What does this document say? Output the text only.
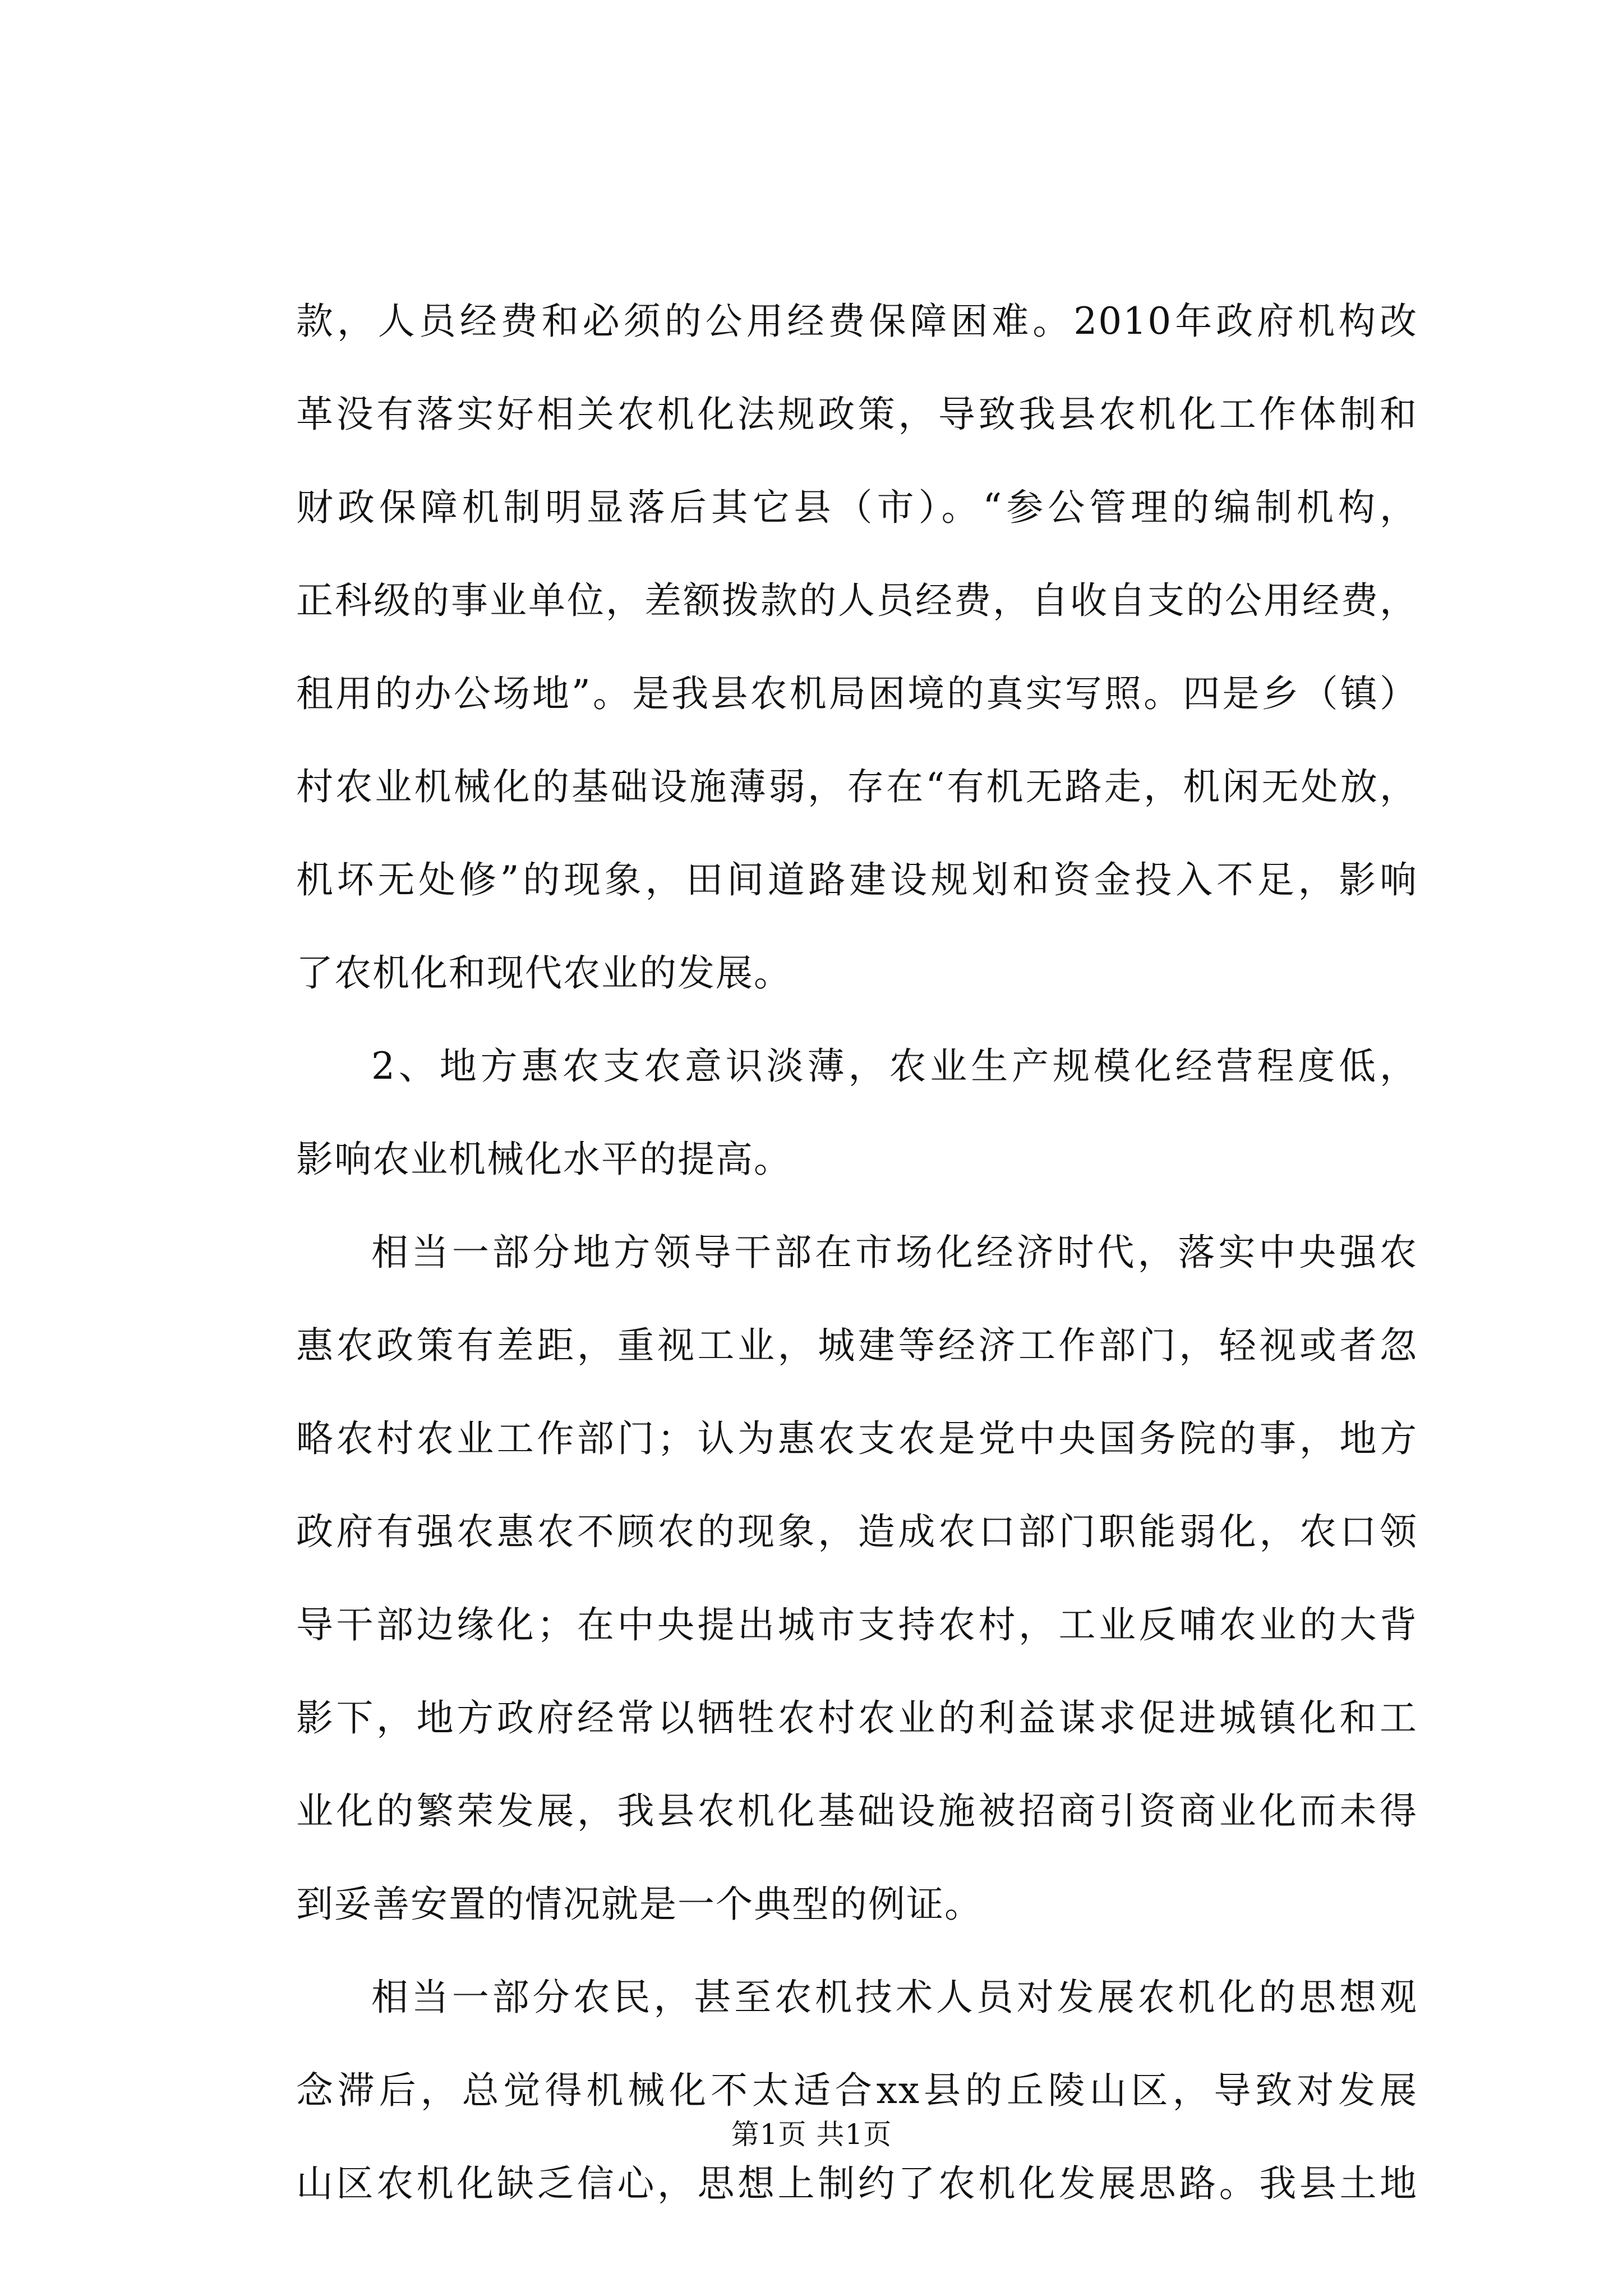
款，人员经费和必须的公用经费保障困难。2010年政府机构改
革没有落实好相关农机化法规政策，导致我县农机化工作体制和
财政保障机制明显落后其它县（市）。“参公管理的编制机构，
正科级的事业单位，差额拨款的人员经费，自收自支的公用经费，
租用的办公场地”。是我县农机局困境的真实写照。四是乡（镇）
村农业机械化的基础设施薄弱，存在“有机无路走，机闲无处放，
机坏无处修”的现象，田间道路建设规划和资金投入不足，影响
了农机化和现代农业的发展。
2、地方惠农支农意识淡薄，农业生产规模化经营程度低，
影响农业机械化水平的提高。
相当一部分地方领导干部在市场化经济时代，落实中央强农
惠农政策有差距，重视工业，城建等经济工作部门，轻视或者忽
略农村农业工作部门；认为惠农支农是党中央国务院的事，地方
政府有强农惠农不顾农的现象，造成农口部门职能弱化，农口领
导干部边缘化；在中央提出城市支持农村，工业反哺农业的大背
影下，地方政府经常以牺牲农村农业的利益谋求促进城镇化和工
业化的繁荣发展，我县农机化基础设施被招商引资商业化而未得
到妥善安置的情况就是一个典型的例证。
相当一部分农民，甚至农机技术人员对发展农机化的思想观
念滞后，总觉得机械化不太适合xx县的丘陵山区，导致对发展
山区农机化缺乏信心，思想上制约了农机化发展思路。我县土地
第1页 共1页
